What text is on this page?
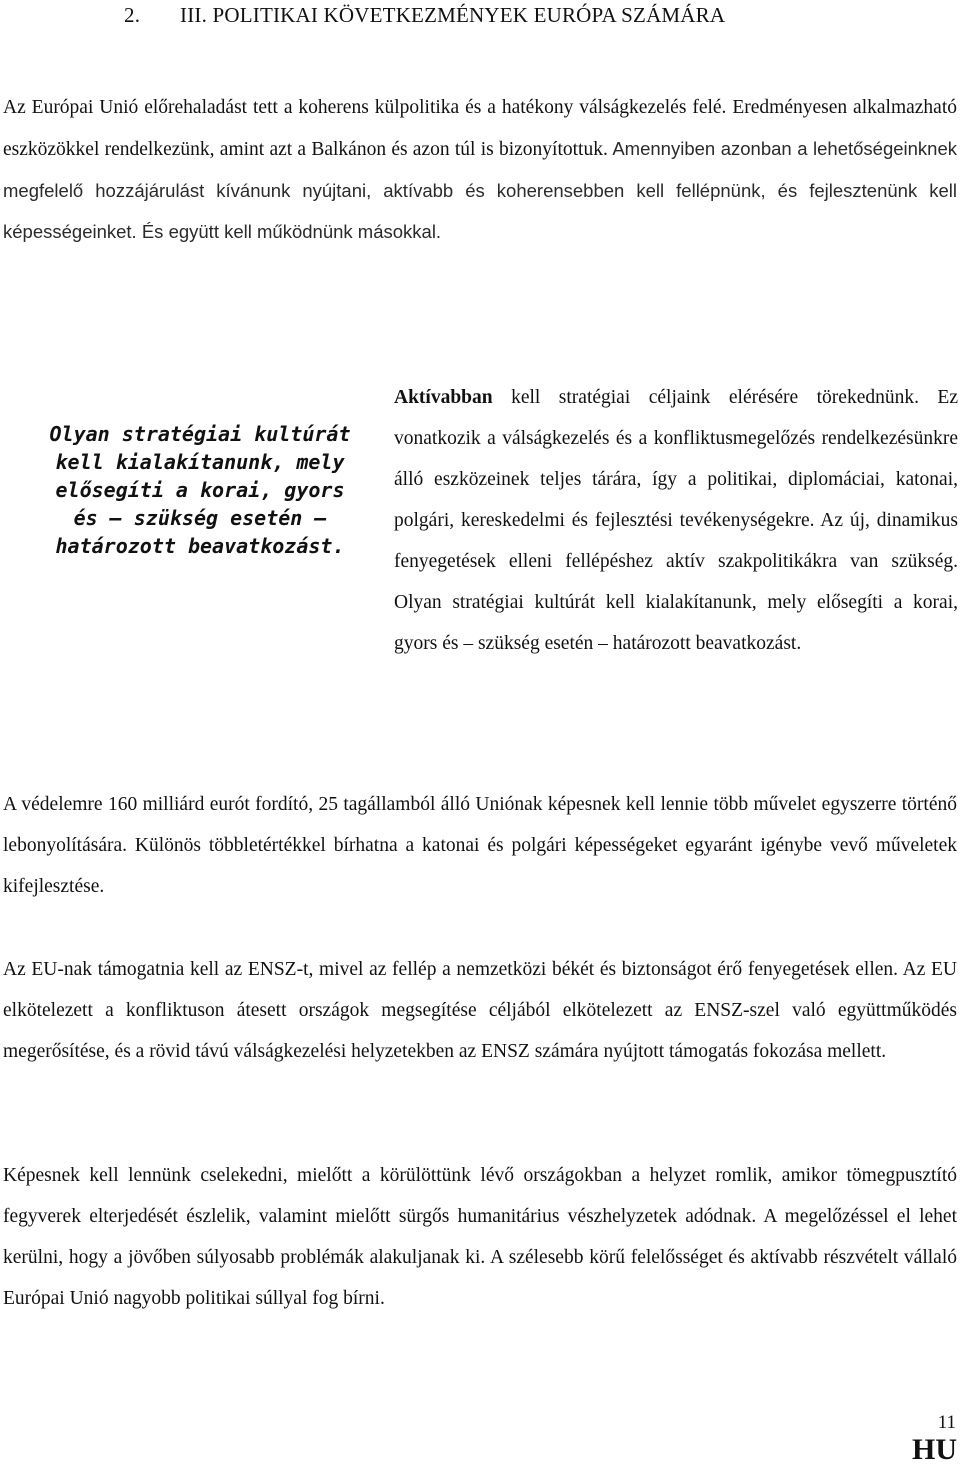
2. III. POLITIKAI KÖVETKEZMÉNYEK EURÓPA SZÁMÁRA

Az Európai Unió előrehaladást tett a koherens külpolitika és a hatékony válságkezelés felé. Eredményesen alkalmazható eszközökkel rendelkezünk, amint azt a Balkánon és azon túl is bizonyítottuk. Amennyiben azonban a lehetőségeinknek megfelelő hozzájárulást kívánunk nyújtani, aktívabb és koherensebben kell fellépnünk, és fejlesztenünk kell képességeinket. És együtt kell működnünk másokkal.

Olyan stratégiai kultúrát kell kialakítanunk, mely elősegíti a korai, gyors és – szükség esetén – határozott beavatkozást.

Aktívabban kell stratégiai céljaink elérésére törekednünk. Ez vonatkozik a válságkezelés és a konfliktusmegelőzés rendelkezésünkre álló eszközeinek teljes tárára, így a politikai, diplomáciai, katonai, polgári, kereskedelmi és fejlesztési tevékenységekre. Az új, dinamikus fenyegetések elleni fellépéshez aktív szakpolitikákra van szükség. Olyan stratégiai kultúrát kell kialakítanunk, mely elősegíti a korai, gyors és – szükség esetén – határozott beavatkozást.

A védelemre 160 milliárd eurót fordító, 25 tagállamból álló Uniónak képesnek kell lennie több művelet egyszerre történő lebonyolítására. Különös többletértékkel bírhatna a katonai és polgári képességeket egyaránt igénybe vevő műveletek kifejlesztése.

Az EU-nak támogatnia kell az ENSZ-t, mivel az fellép a nemzetközi békét és biztonságot érő fenyegetések ellen. Az EU elkötelezett a konfliktuson átesett országok megsegítése céljából elkötelezett az ENSZ-szel való együttműködés megerősítése, és a rövid távú válságkezelési helyzetekben az ENSZ számára nyújtott támogatás fokozása mellett.

Képesnek kell lennünk cselekedni, mielőtt a körülöttünk lévő országokban a helyzet romlik, amikor tömegpusztító fegyverek elterjedését észlelik, valamint mielőtt sürgős humanitárius vészhelyzetek adódnak. A megelőzéssel el lehet kerülni, hogy a jövőben súlyosabb problémák alakuljanak ki. A szélesebb körű felelősséget és aktívabb részvételt vállaló Európai Unió nagyobb politikai súllyal fog bírni.

11

HU
